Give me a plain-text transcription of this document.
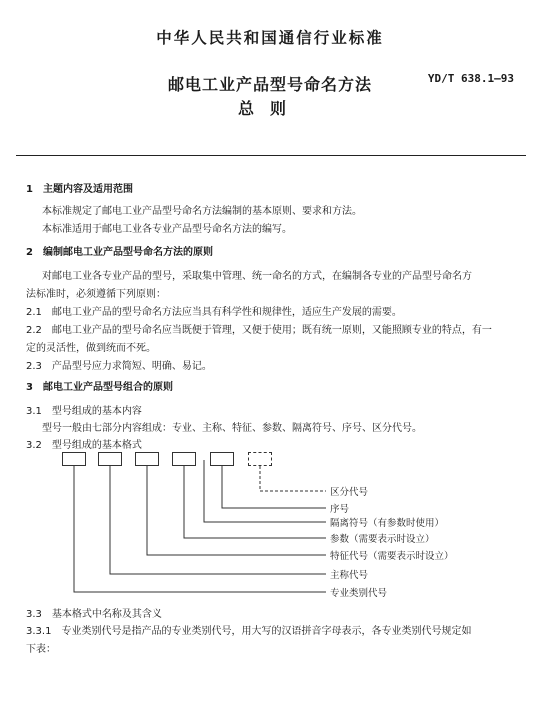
中华人民共和国通信行业标准
邮电工业产品型号命名方法
总则
YD/T 638.1—93
1　主题内容及适用范围
本标准规定了邮电工业产品型号命名方法编制的基本原则、要求和方法。
本标准适用于邮电工业各专业产品型号命名方法的编写。
2　编制邮电工业产品型号命名方法的原则
对邮电工业各专业产品的型号，采取集中管理、统一命名的方式，在编制各专业的产品型号命名方
法标准时，必须遵循下列原则：
2.1　邮电工业产品的型号命名方法应当具有科学性和规律性，适应生产发展的需要。
2.2　邮电工业产品的型号命名应当既便于管理，又便于使用；既有统一原则，又能照顾专业的特点，有一
定的灵活性，做到统而不死。
2.3　产品型号应力求简短、明确、易记。
3　邮电工业产品型号组合的原则
3.1　型号组成的基本内容
型号一般由七部分内容组成：专业、主称、特征、参数、隔离符号、序号、区分代号。
3.2　型号组成的基本格式
区分代号
序号
隔离符号（有参数时使用）
参数（需要表示时设立）
特征代号（需要表示时设立）
主称代号
专业类别代号
3.3　基本格式中名称及其含义
3.3.1　专业类别代号是指产品的专业类别代号，用大写的汉语拼音字母表示，各专业类别代号规定如
下表：
